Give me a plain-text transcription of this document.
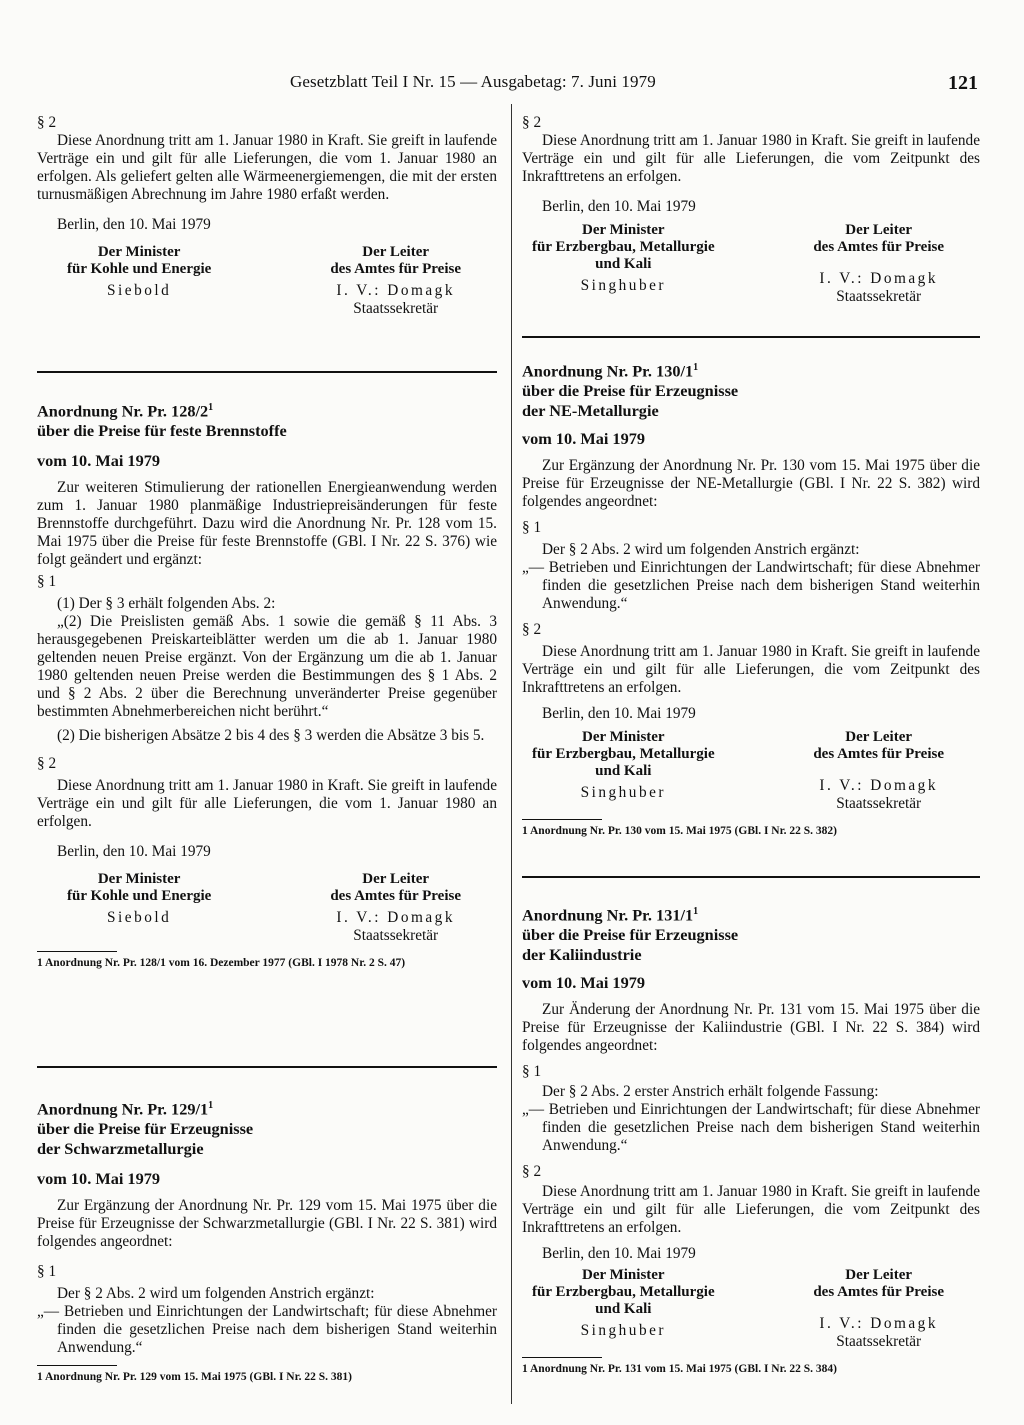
Gesetzblatt Teil I Nr. 15 — Ausgabetag: 7. Juni 1979	121

§ 2

Diese Anordnung tritt am 1. Januar 1980 in Kraft. Sie greift in laufende Verträge ein und gilt für alle Lieferungen, die vom 1. Januar 1980 an erfolgen. Als geliefert gelten alle Wärmeenergiemengen, die mit der ersten turnusmäßigen Abrechnung im Jahre 1980 erfaßt werden.

Berlin, den 10. Mai 1979

Der Minister
für Kohle und Energie
Siebold
Der Leiter
des Amtes für Preise
I. V.: Domagk
Staatssekretär

Anordnung Nr. Pr. $128/2^1$

über die Preise für feste Brennstoffe

vom 10. Mai 1979

Zur weiteren Stimulierung der rationellen Energieanwendung werden zum 1. Januar 1980 planmäßige Industriepreisänderungen für feste Brennstoffe durchgeführt. Dazu wird die Anordnung Nr. Pr. 128 vom 15. Mai 1975 über die Preise für feste Brennstoffe (GBl. I Nr. 22 S. 376) wie folgt geändert und ergänzt:

§ 1

(1) Der § 3 erhält folgenden Abs. 2:

„(2) Die Preislisten gemäß Abs. 1 sowie die gemäß § 11 Abs. 3 herausgegebenen Preiskarteiblätter werden um die ab 1. Januar 1980 geltenden neuen Preise ergänzt. Von der Ergänzung um die ab 1. Januar 1980 geltenden neuen Preise werden die Bestimmungen des § 1 Abs. 2 und § 2 Abs. 2 über die Berechnung unveränderter Preise gegenüber bestimmten Abnehmerbereichen nicht berührt.“

(2) Die bisherigen Absätze 2 bis 4 des § 3 werden die Absätze 3 bis 5.

§ 2

Diese Anordnung tritt am 1. Januar 1980 in Kraft. Sie greift in laufende Verträge ein und gilt für alle Lieferungen, die vom 1. Januar 1980 an erfolgen.

Berlin, den 10. Mai 1979

Der Minister
für Kohle und Energie
Siebold
Der Leiter
des Amtes für Preise
I. V.: Domagk
Staatssekretär

1 Anordnung Nr. Pr. 128/1 vom 16. Dezember 1977 (GBl. I 1978 Nr. 2 S. 47)

Anordnung Nr. Pr. $129/1^1$

über die Preise für Erzeugnisse

der Schwarzmetallurgie

vom 10. Mai 1979

Zur Ergänzung der Anordnung Nr. Pr. 129 vom 15. Mai 1975 über die Preise für Erzeugnisse der Schwarzmetallurgie (GBl. I Nr. 22 S. 381) wird folgendes angeordnet:

§ 1

Der § 2 Abs. 2 wird um folgenden Anstrich ergänzt:

„— Betrieben und Einrichtungen der Landwirtschaft; für diese Abnehmer finden die gesetzlichen Preise nach dem bisherigen Stand weiterhin Anwendung.“

1 Anordnung Nr. Pr. 129 vom 15. Mai 1975 (GBl. I Nr. 22 S. 381)

§ 2

Diese Anordnung tritt am 1. Januar 1980 in Kraft. Sie greift in laufende Verträge ein und gilt für alle Lieferungen, die vom Zeitpunkt des Inkrafttretens an erfolgen.

Berlin, den 10. Mai 1979

Der Minister
für Erzbergbau, Metallurgie
und Kali
Singhuber
Der Leiter
des Amtes für Preise
I. V.: Domagk
Staatssekretär

Anordnung Nr. Pr. $130/1^1$

über die Preise für Erzeugnisse

der NE-Metallurgie

vom 10. Mai 1979

Zur Ergänzung der Anordnung Nr. Pr. 130 vom 15. Mai 1975 über die Preise für Erzeugnisse der NE-Metallurgie (GBl. I Nr. 22 S. 382) wird folgendes angeordnet:

§ 1

Der § 2 Abs. 2 wird um folgenden Anstrich ergänzt:

„— Betrieben und Einrichtungen der Landwirtschaft; für diese Abnehmer finden die gesetzlichen Preise nach dem bisherigen Stand weiterhin Anwendung.“

§ 2

Diese Anordnung tritt am 1. Januar 1980 in Kraft. Sie greift in laufende Verträge ein und gilt für alle Lieferungen, die vom Zeitpunkt des Inkrafttretens an erfolgen.

Berlin, den 10. Mai 1979

Der Minister
für Erzbergbau, Metallurgie
und Kali
Singhuber
Der Leiter
des Amtes für Preise
I. V.: Domagk
Staatssekretär

1 Anordnung Nr. Pr. 130 vom 15. Mai 1975 (GBl. I Nr. 22 S. 382)

Anordnung Nr. Pr. $131/1^1$

über die Preise für Erzeugnisse

der Kaliindustrie

vom 10. Mai 1979

Zur Änderung der Anordnung Nr. Pr. 131 vom 15. Mai 1975 über die Preise für Erzeugnisse der Kaliindustrie (GBl. I Nr. 22 S. 384) wird folgendes angeordnet:

§ 1

Der § 2 Abs. 2 erster Anstrich erhält folgende Fassung:

„— Betrieben und Einrichtungen der Landwirtschaft; für diese Abnehmer finden die gesetzlichen Preise nach dem bisherigen Stand weiterhin Anwendung.“

§ 2

Diese Anordnung tritt am 1. Januar 1980 in Kraft. Sie greift in laufende Verträge ein und gilt für alle Lieferungen, die vom Zeitpunkt des Inkrafttretens an erfolgen.

Berlin, den 10. Mai 1979

Der Minister
für Erzbergbau, Metallurgie
und Kali
Singhuber
Der Leiter
des Amtes für Preise
I. V.: Domagk
Staatssekretär

1 Anordnung Nr. Pr. 131 vom 15. Mai 1975 (GBl. I Nr. 22 S. 384)
